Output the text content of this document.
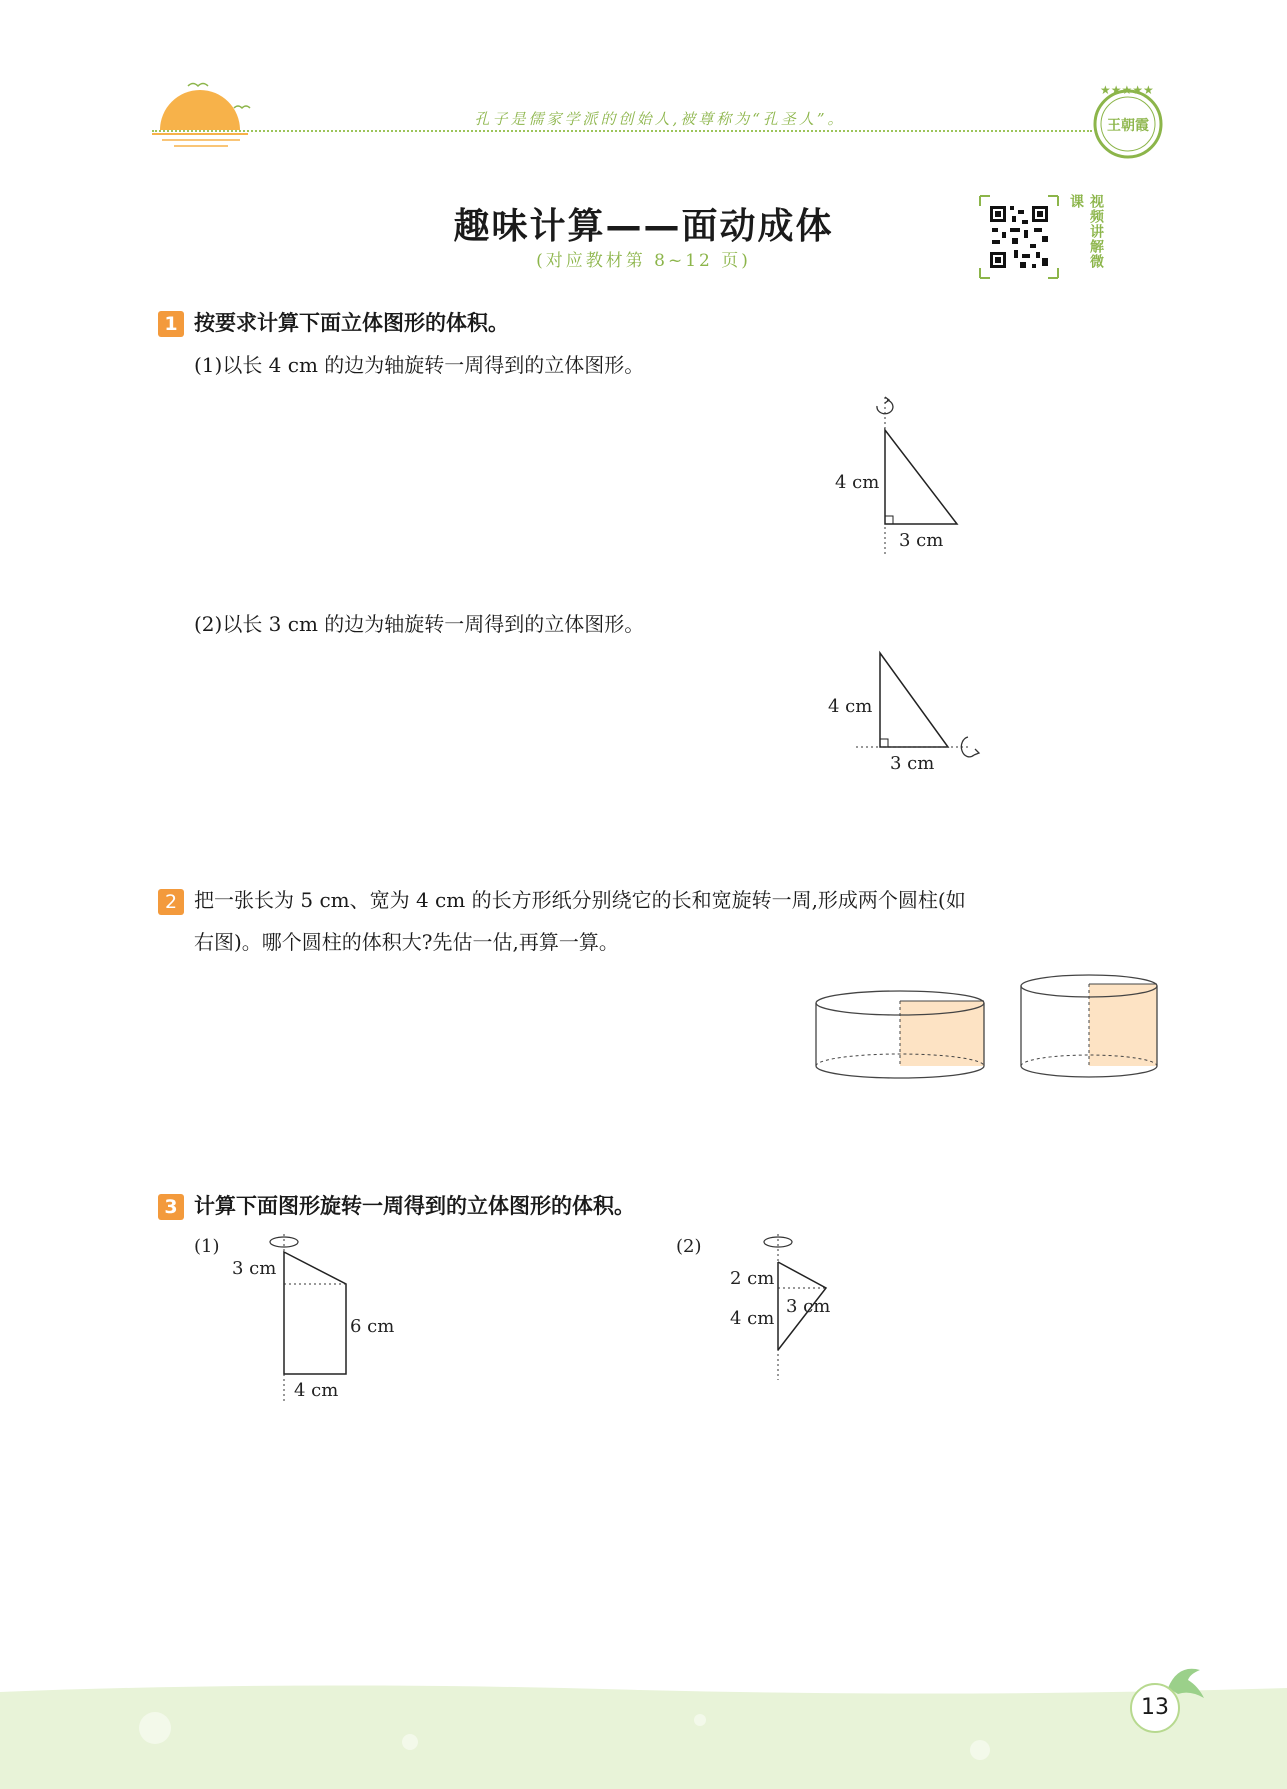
孔子是儒家学派的创始人,被尊称为“孔圣人”。
★★★★★
王朝霞
趣味计算——面动成体
(对应教材第 8~12 页)	视频讲解微课
1 按要求计算下面立体图形的体积。
(1)以长 4 cm 的边为轴旋转一周得到的立体图形。
4 cm
3 cm
(2)以长 3 cm 的边为轴旋转一周得到的立体图形。
4 cm
3 cm
2 把一张长为 5 cm、宽为 4 cm 的长方形纸分别绕它的长和宽旋转一周,形成两个圆柱(如
右图)。哪个圆柱的体积大?先估一估,再算一算。
3 计算下面图形旋转一周得到的立体图形的体积。
(1)
3 cm
6 cm
4 cm
(2)
2 cm
4 cm
3 cm
13
